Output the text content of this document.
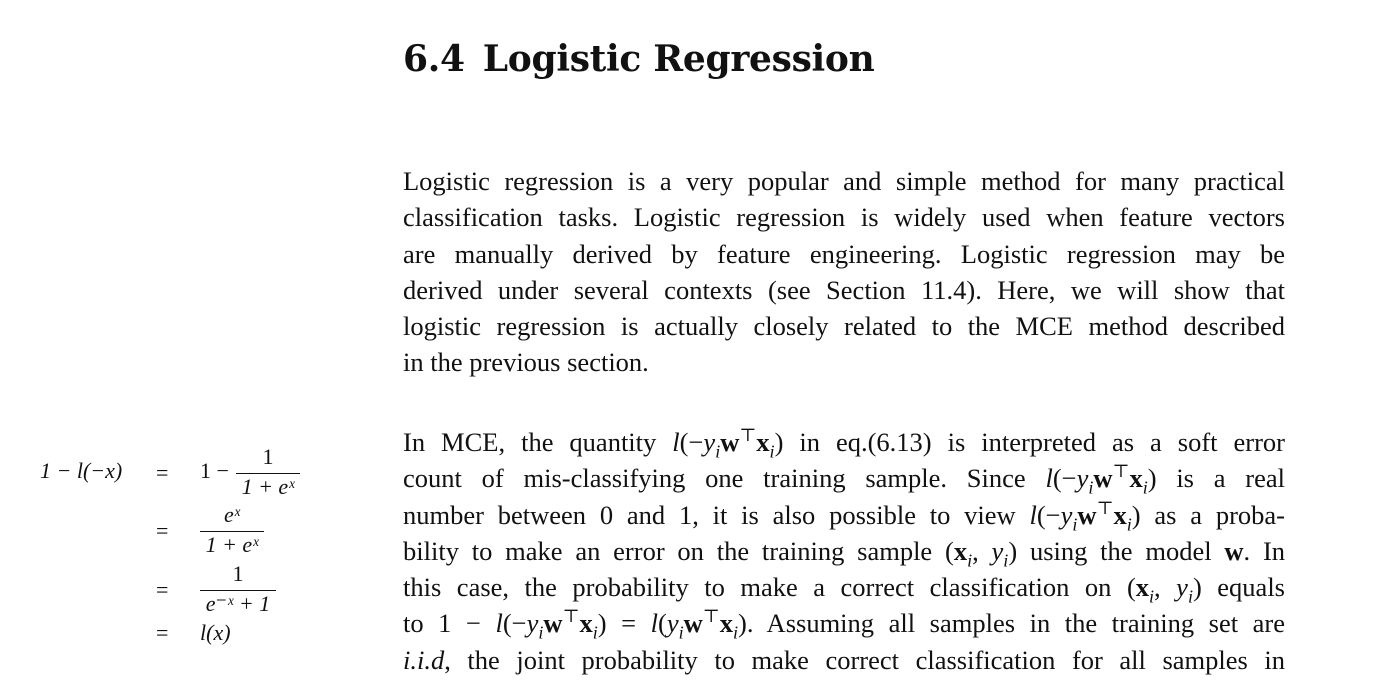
6.4 Logistic Regression
Logistic regression is a very popular and simple method for many practical
classification tasks. Logistic regression is widely used when feature vectors
are manually derived by feature engineering. Logistic regression may be
derived under several contexts (see Section 11.4). Here, we will show that
logistic regression is actually closely related to the MCE method described
in the previous section.
In MCE, the quantity $l(-y_iw^⊤x_i)$ in eq.(6.13) is interpreted as a soft error
count of mis-classifying one training sample. Since $l(-y_iw^⊤x_i)$ is a real
number between 0 and 1, it is also possible to view $l(-y_iw^⊤x_i)$ as a proba-
bility to make an error on the training sample ($x_i$, $y_i$) using the model w. In
this case, the probability to make a correct classification on ($x_i$, $y_i$) equals
to $1 - l(-y_iw^⊤x_i) = l(y_iw^⊤x_i)$. Assuming all samples in the training set are
i.i.d, the joint probability to make correct classification for all samples in
1 − l(−x) = 1 −
1
1 + eˣ
=
eˣ
1 + eˣ
=
1
e⁻ˣ + 1
= l(x)
